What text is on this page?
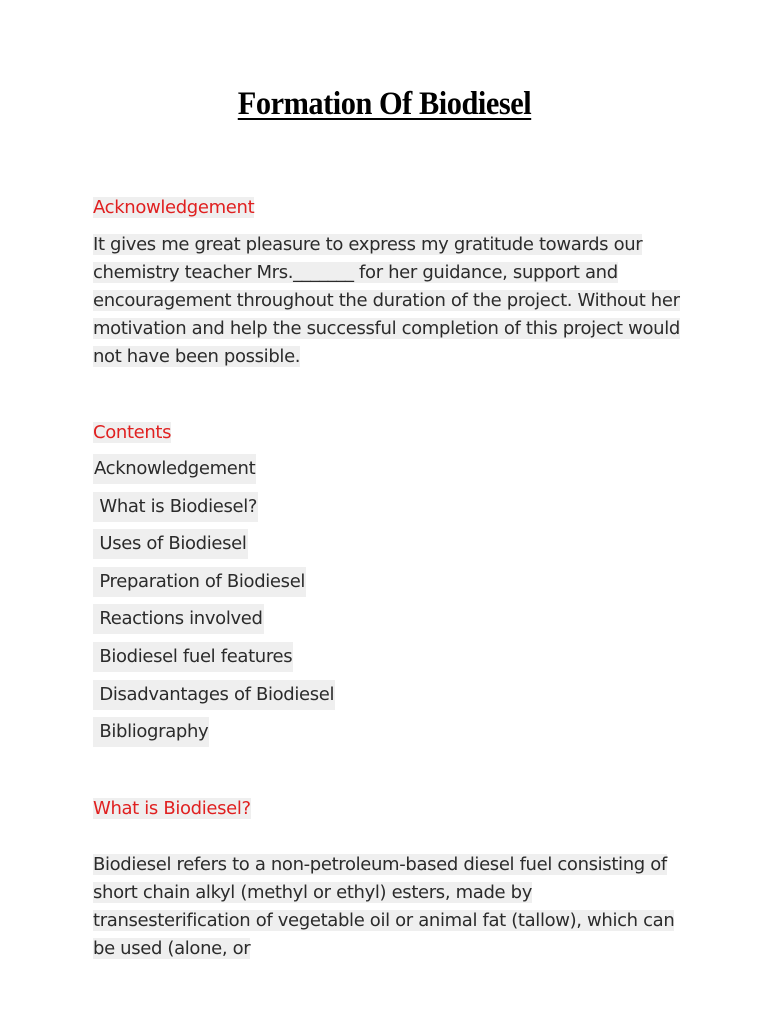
Formation Of Biodiesel
Acknowledgement
It gives me great pleasure to express my gratitude towards our chemistry teacher Mrs._______ for her guidance, support and encouragement throughout the duration of the project. Without her motivation and help the successful completion of this project would not have been possible.
Contents
Acknowledgement
What is Biodiesel?
Uses of Biodiesel
Preparation of Biodiesel
Reactions involved
Biodiesel fuel features
Disadvantages of Biodiesel
Bibliography
What is Biodiesel?
Biodiesel refers to a non-petroleum-based diesel fuel consisting of short chain alkyl (methyl or ethyl) esters, made by transesterification of vegetable oil or animal fat (tallow), which can be used (alone, or
